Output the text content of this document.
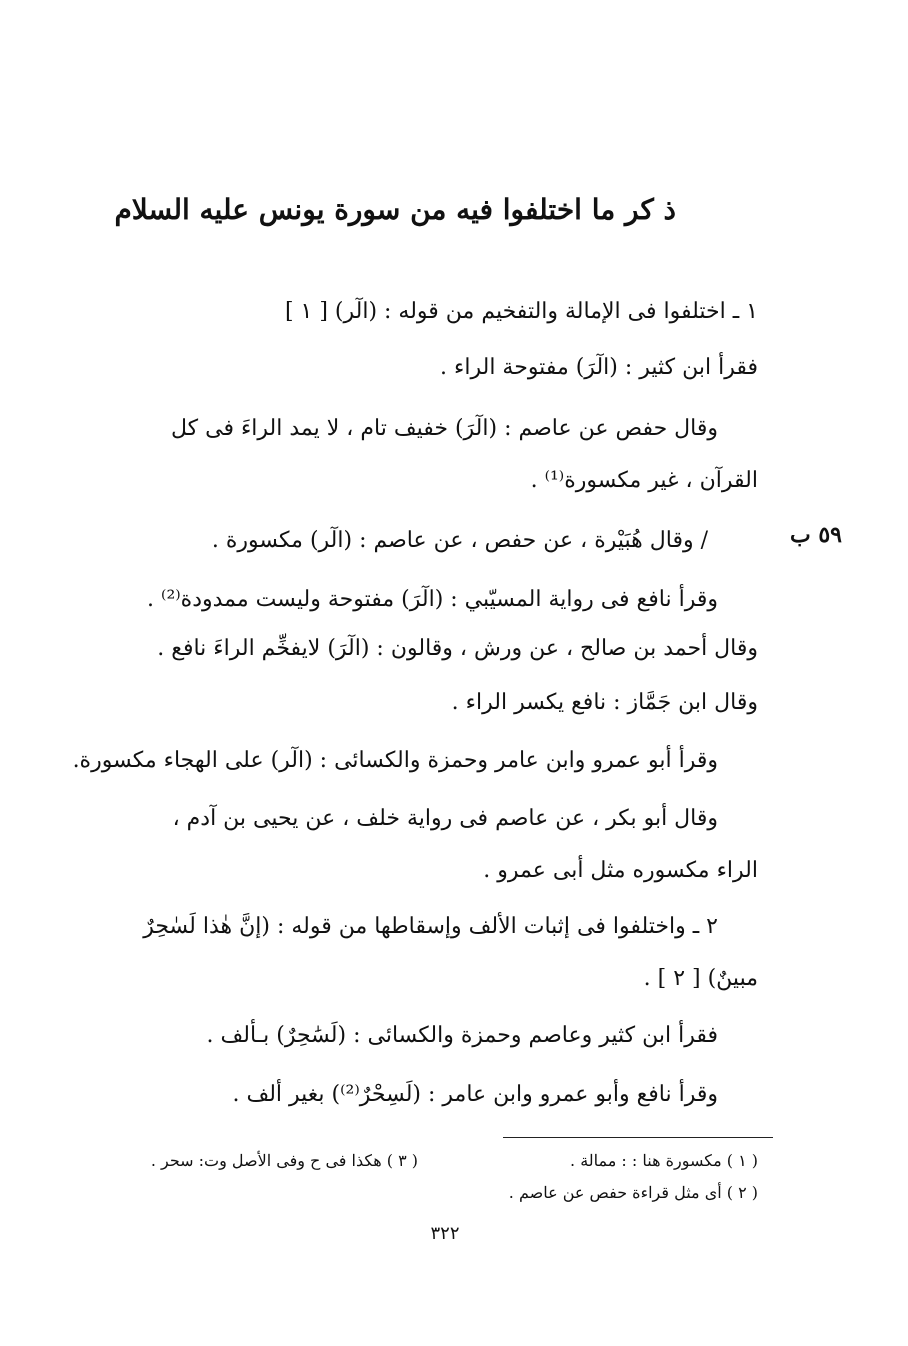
ذ كر ما اختلفوا فيه من سورة يونس عليه السلام
٥٩ ب

١ ـ اختلفوا فى الإمالة والتفخيم من قوله : (الٓر) [ ١ ]

فقرأ ابن كثير : (الٓرَ) مفتوحة الراء .

وقال حفص عن عاصم : (الٓرَ) خفيف تام ، لا يمد الراءَ فى كل

القرآن ، غير مكسورة⁽¹⁾ .

/ وقال هُبَيْرة ، عن حفص ، عن عاصم : (الٓر) مكسورة .

وقرأ نافع فى رواية المسيّبي : (الٓرَ) مفتوحة وليست ممدودة⁽²⁾ .

وقال أحمد بن صالح ، عن ورش ، وقالون : (الٓرَ) لايفخِّم الراءَ نافع .

وقال ابن جَمَّاز : نافع يكسر الراء .

وقرأ أبو عمرو وابن عامر وحمزة والكسائى : (الٓر) على الهجاء مكسورة.

وقال أبو بكر ، عن عاصم فى رواية خلف ، عن يحيى بن آدم ،

الراء مكسوره مثل أبى عمرو .

٢ ـ واختلفوا فى إثبات الألف وإسقاطها من قوله : (إنَّ هٰذا لَسٰحِرٌ

مبينٌ) [ ٢ ] .

فقرأ ابن كثير وعاصم وحمزة والكسائى : (لَسَٰحِرٌ) بـألف .

وقرأ نافع وأبو عمرو وابن عامر : (لَسِحْرٌ⁽²⁾) بغير ألف .

( ١ ) مكسورة هنا : : ممالة .

( ٢ ) أى مثل قراءة حفص عن عاصم .

( ٣ ) هكذا فى ح وفى الأصل وت: سحر .

٣٢٢
